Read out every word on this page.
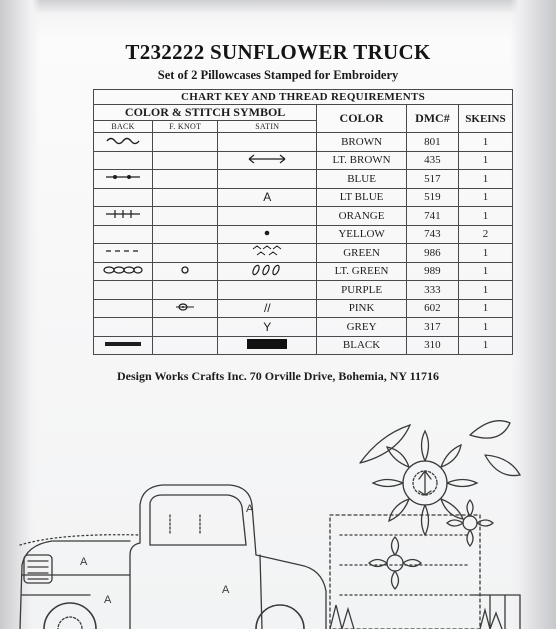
T232222 SUNFLOWER TRUCK
Set of 2 Pillowcases Stamped for Embroidery
CHART KEY AND THREAD REQUIREMENTS					
COLOR & STITCH SYMBOL			COLOR	DMC#	SKEINS
BACK	F. KNOT	SATIN			
			BROWN	801	1
			LT. BROWN	435	1
			BLUE	517	1
		A	LT BLUE	519	1
			ORANGE	741	1
			YELLOW	743	2
			GREEN	986	1
			LT. GREEN	989	1
			PURPLE	333	1
		//	PINK	602	1
		Y	GREY	317	1
			BLACK	310	1
Design Works Crafts Inc. 70 Orville Drive, Bohemia, NY 11716
A
A
A
A
